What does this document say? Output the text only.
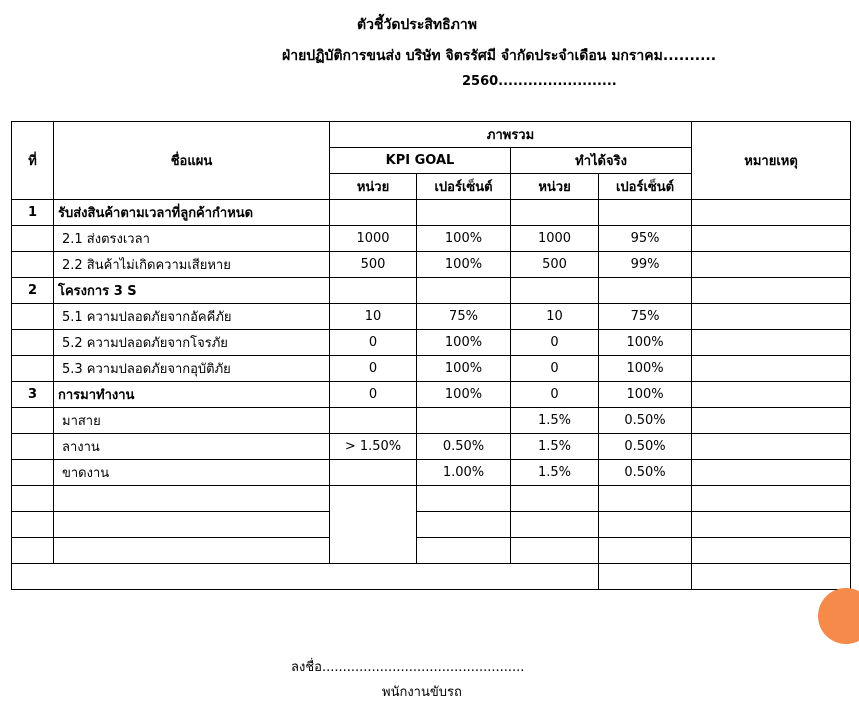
ตัวชี้วัดประสิทธิภาพ
ฝ่ายปฏิบัติการขนส่ง บริษัท จิตรรัศมี จำกัดประจำเดือน มกราคม..........
2560........................
ที่	ชื่อแผน	ภาพรวม				หมายเหตุ
		KPI GOAL		ทำได้จริง		
		หน่วย	เปอร์เซ็นต์	หน่วย	เปอร์เซ็นต์	
1	รับส่งสินค้าตามเวลาที่ลูกค้ากำหนด					
	2.1 ส่งตรงเวลา	1000	100%	1000	95%	
	2.2 สินค้าไม่เกิดความเสียหาย	500	100%	500	99%	
2	โครงการ 3 S					
	5.1 ความปลอดภัยจากอัคคีภัย	10	75%	10	75%	
	5.2 ความปลอดภัยจากโจรภัย	0	100%	0	100%	
	5.3 ความปลอดภัยจากอุบัติภัย	0	100%	0	100%	
3	การมาทำงาน	0	100%	0	100%	
	มาสาย			1.5%	0.50%	
	ลางาน	> 1.50%	0.50%	1.5%	0.50%	
	ขาดงาน		1.00%	1.5%	0.50%	

ลงชื่อ.................................................
พนักงานขับรถ
